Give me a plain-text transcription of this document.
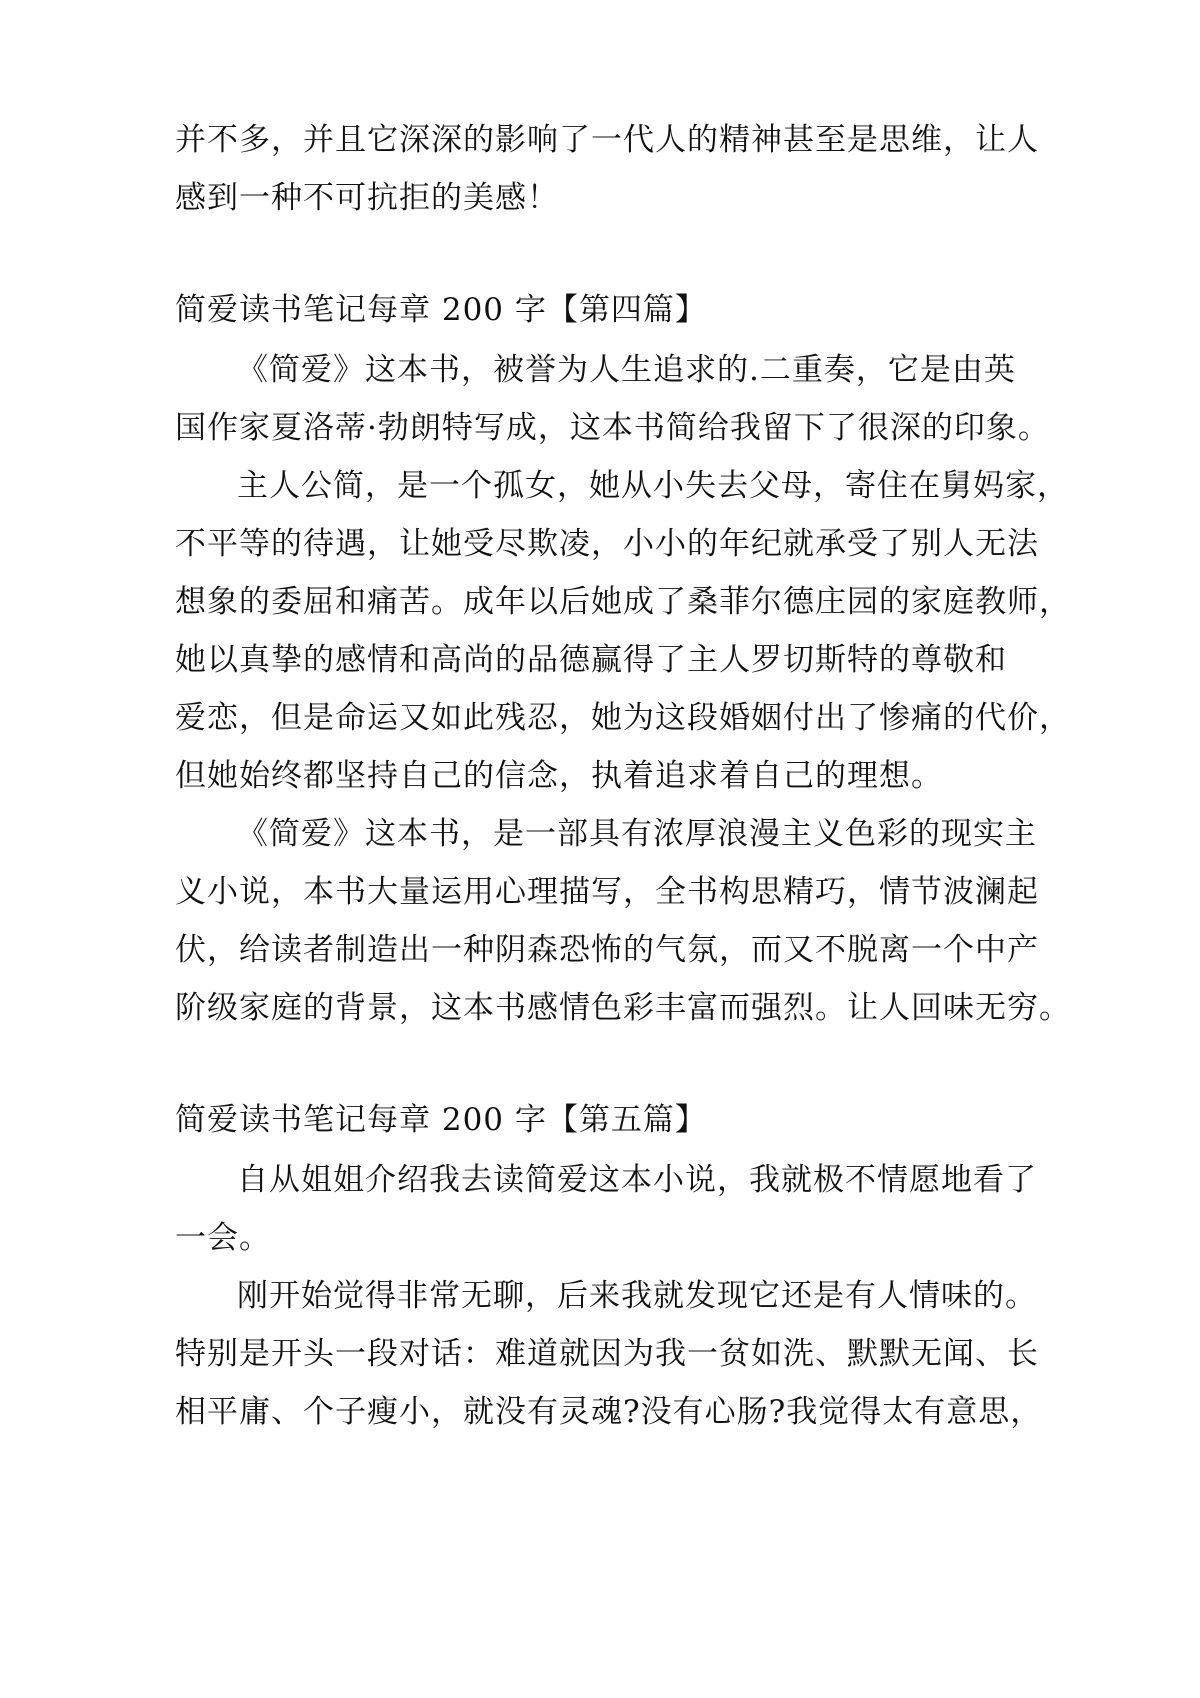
并不多，并且它深深的影响了一代人的精神甚至是思维，让人
感到一种不可抗拒的美感！
简爱读书笔记每章 200 字【第四篇】
《简爱》这本书，被誉为人生追求的.二重奏，它是由英
国作家夏洛蒂·勃朗特写成，这本书简给我留下了很深的印象。
主人公简，是一个孤女，她从小失去父母，寄住在舅妈家，
不平等的待遇，让她受尽欺凌，小小的年纪就承受了别人无法
想象的委屈和痛苦。成年以后她成了桑菲尔德庄园的家庭教师，
她以真挚的感情和高尚的品德赢得了主人罗切斯特的尊敬和
爱恋，但是命运又如此残忍，她为这段婚姻付出了惨痛的代价，
但她始终都坚持自己的信念，执着追求着自己的理想。
《简爱》这本书，是一部具有浓厚浪漫主义色彩的现实主
义小说，本书大量运用心理描写，全书构思精巧，情节波澜起
伏，给读者制造出一种阴森恐怖的气氛，而又不脱离一个中产
阶级家庭的背景，这本书感情色彩丰富而强烈。让人回味无穷。
简爱读书笔记每章 200 字【第五篇】
自从姐姐介绍我去读简爱这本小说，我就极不情愿地看了
一会。
刚开始觉得非常无聊，后来我就发现它还是有人情味的。
特别是开头一段对话：难道就因为我一贫如洗、默默无闻、长
相平庸、个子瘦小，就没有灵魂?没有心肠?我觉得太有意思，
